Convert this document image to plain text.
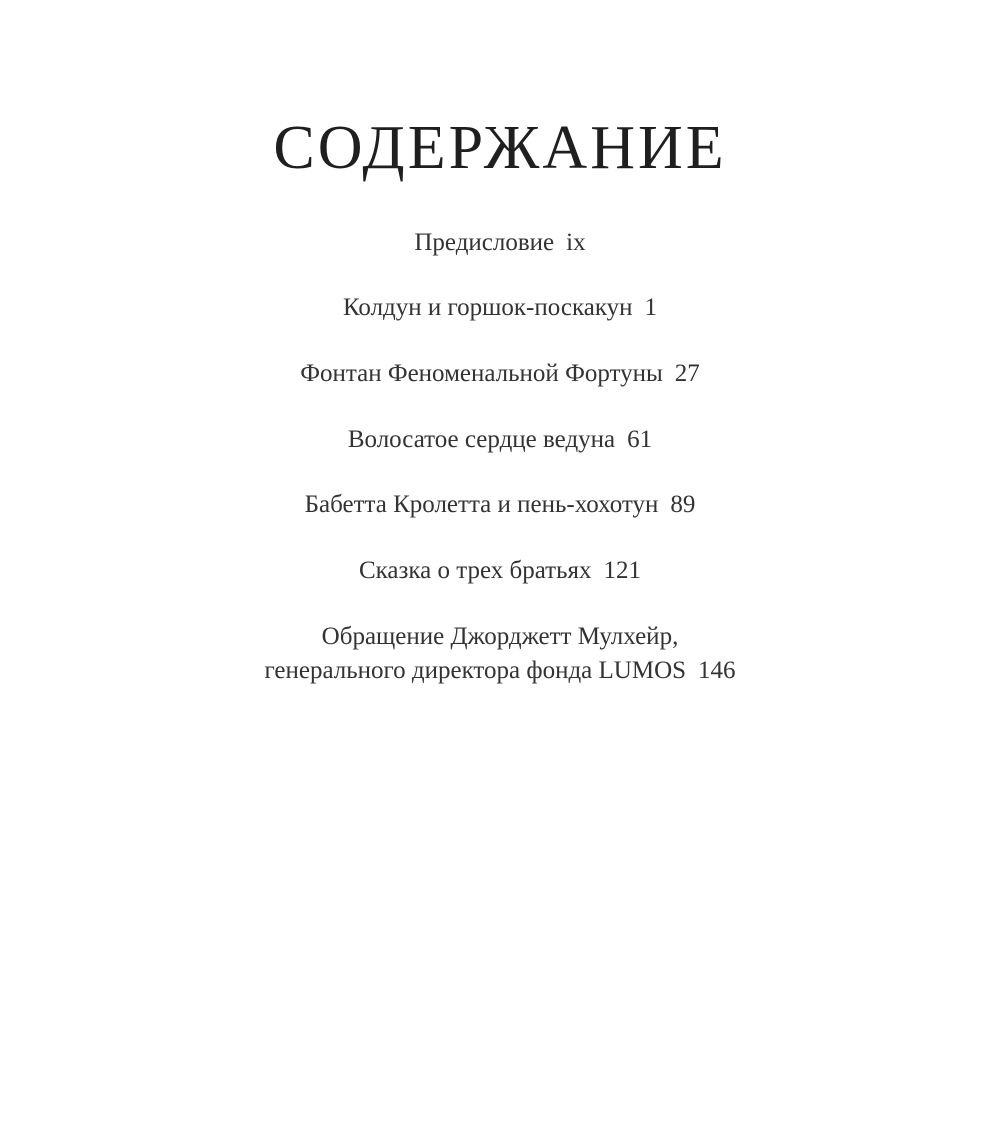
СОДЕРЖАНИЕ
Предисловие ix
Колдун и горшок-поскакун 1
Фонтан Феноменальной Фортуны 27
Волосатое сердце ведуна 61
Бабетта Кролетта и пень-хохотун 89
Сказка о трех братьях 121
Обращение Джорджетт Мулхейр,
генерального директора фонда LUMOS 146
